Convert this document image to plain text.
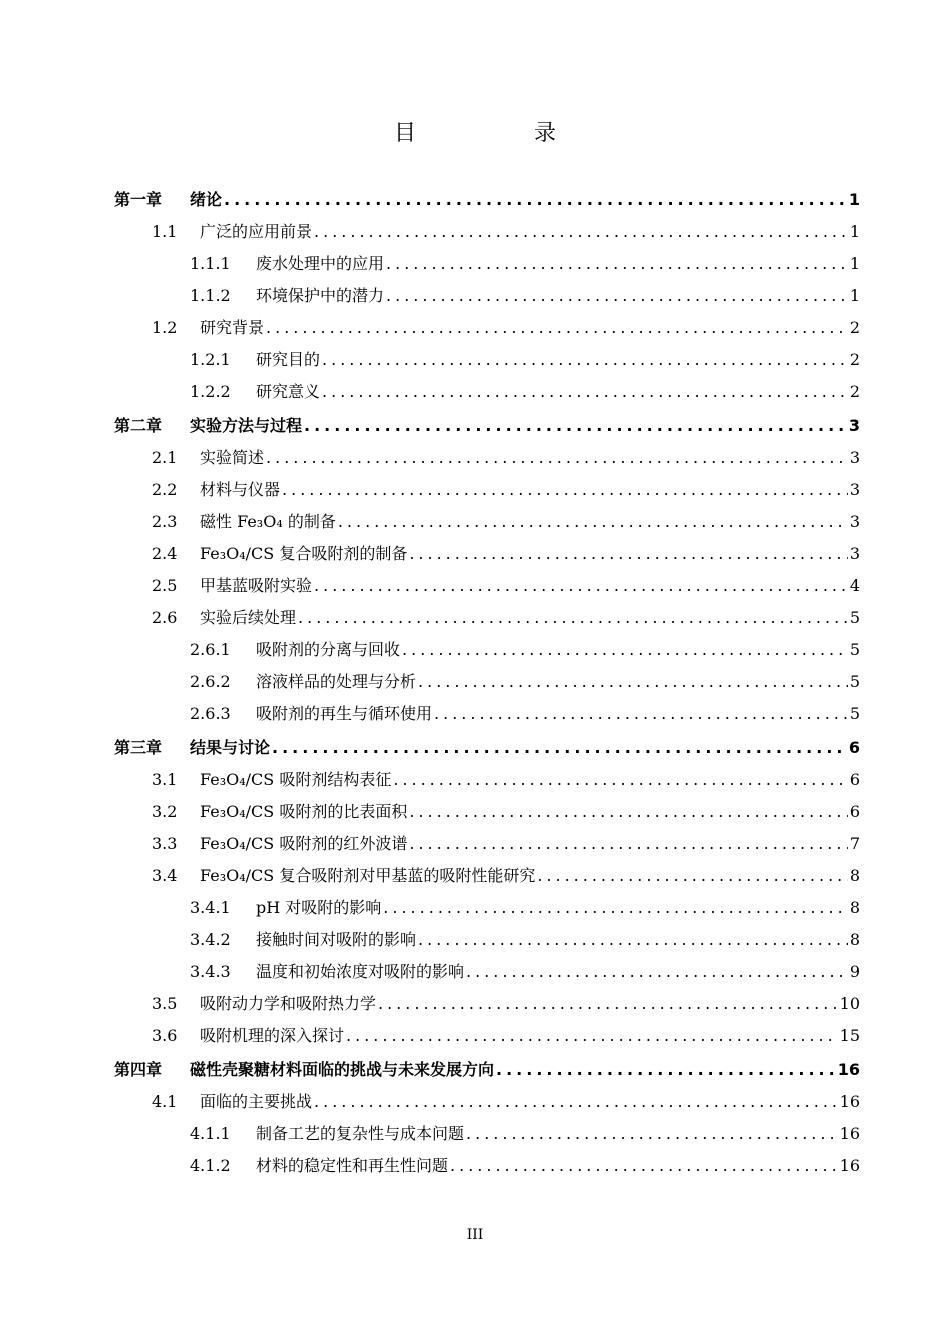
目　录
第一章	绪论 .....	1
1.1	广泛的应用前景 .....	1
1.1.1	废水处理中的应用 .....	1
1.1.2	环境保护中的潜力 .....	1
1.2	研究背景 .....	2
1.2.1	研究目的 .....	2
1.2.2	研究意义 .....	2
第二章	实验方法与过程 .....	3
2.1	实验简述 .....	3
2.2	材料与仪器 .....	3
2.3	磁性 Fe₃O₄ 的制备 .....	3
2.4	Fe₃O₄/CS 复合吸附剂的制备 .....	3
2.5	甲基蓝吸附实验 .....	4
2.6	实验后续处理 .....	5
2.6.1	吸附剂的分离与回收 .....	5
2.6.2	溶液样品的处理与分析 .....	5
2.6.3	吸附剂的再生与循环使用 .....	5
第三章	结果与讨论 .....	6
3.1	Fe₃O₄/CS 吸附剂结构表征 .....	6
3.2	Fe₃O₄/CS 吸附剂的比表面积 .....	6
3.3	Fe₃O₄/CS 吸附剂的红外波谱 .....	7
3.4	Fe₃O₄/CS 复合吸附剂对甲基蓝的吸附性能研究 .....	8
3.4.1	pH 对吸附的影响 .....	8
3.4.2	接触时间对吸附的影响 .....	8
3.4.3	温度和初始浓度对吸附的影响 .....	9
3.5	吸附动力学和吸附热力学 .....	10
3.6	吸附机理的深入探讨 .....	15
第四章	磁性壳聚糖材料面临的挑战与未来发展方向 .....	16
4.1	面临的主要挑战 .....	16
4.1.1	制备工艺的复杂性与成本问题 .....	16
4.1.2	材料的稳定性和再生性问题 .....	16
III
